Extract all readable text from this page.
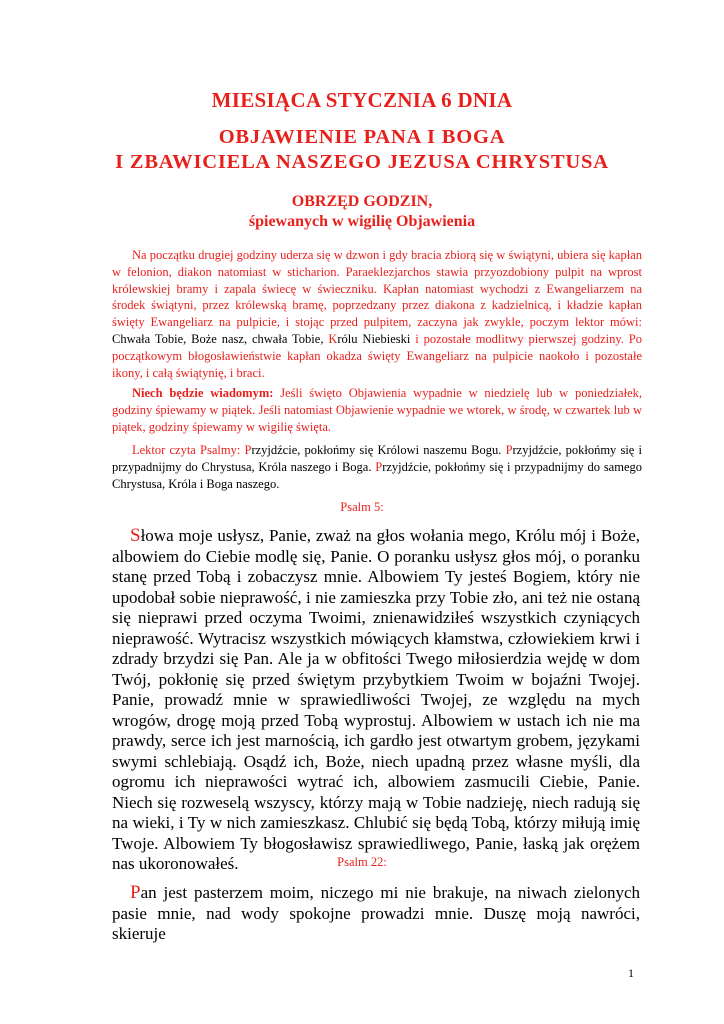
MIESIĄCA STYCZNIA 6 DNIA
OBJAWIENIE PANA I BOGA
I ZBAWICIELA NASZEGO JEZUSA CHRYSTUSA
OBRZĘD GODZIN,
śpiewanych w wigilię Objawienia

Na początku drugiej godziny uderza się w dzwon i gdy bracia zbiorą się w świątyni, ubiera się kapłan w felonion, diakon natomiast w sticharion. Paraeklezjarchos stawia przyozdobiony pulpit na wprost królewskiej bramy i zapala świecę w świeczniku. Kapłan natomiast wychodzi z Ewangeliarzem na środek świątyni, przez królewską bramę, poprzedzany przez diakona z kadzielnicą, i kładzie kapłan święty Ewangeliarz na pulpicie, i stojąc przed pulpitem, zaczyna jak zwykle, poczym lektor mówi: Chwała Tobie, Boże nasz, chwała Tobie, Królu Niebieski i pozostałe modlitwy pierwszej godziny. Po początkowym błogosławieństwie kapłan okadza święty Ewangeliarz na pulpicie naokoło i pozostałe ikony, i całą świątynię, i braci.

Niech będzie wiadomym: Jeśli święto Objawienia wypadnie w niedzielę lub w poniedziałek, godziny śpiewamy w piątek. Jeśli natomiast Objawienie wypadnie we wtorek, w środę, w czwartek lub w piątek, godziny śpiewamy w wigilię święta.

Lektor czyta Psalmy: Przyjdźcie, pokłońmy się Królowi naszemu Bogu. Przyjdźcie, pokłońmy się i przypadnijmy do Chrystusa, Króla naszego i Boga. Przyjdźcie, pokłońmy się i przypadnijmy do samego Chrystusa, Króla i Boga naszego.

Psalm 5:

Słowa moje usłysz, Panie, zważ na głos wołania mego, Królu mój i Boże, albowiem do Ciebie modlę się, Panie. O poranku usłysz głos mój, o poranku stanę przed Tobą i zobaczysz mnie. Albowiem Ty jesteś Bogiem, który nie upodobał sobie nieprawość, i nie zamieszka przy Tobie zło, ani też nie ostaną się nieprawi przed oczyma Twoimi, znienawidziłeś wszystkich czyniących nieprawość. Wytracisz wszystkich mówiących kłamstwa, człowiekiem krwi i zdrady brzydzi się Pan. Ale ja w obfitości Twego miłosierdzia wejdę w dom Twój, pokłonię się przed świętym przybytkiem Twoim w bojaźni Twojej. Panie, prowadź mnie w sprawiedliwości Twojej, ze względu na mych wrogów, drogę moją przed Tobą wyprostuj. Albowiem w ustach ich nie ma prawdy, serce ich jest marnością, ich gardło jest otwartym grobem, językami swymi schlebiają. Osądź ich, Boże, niech upadną przez własne myśli, dla ogromu ich nieprawości wytrać ich, albowiem zasmucili Ciebie, Panie. Niech się rozweselą wszyscy, którzy mają w Tobie nadzieję, niech radują się na wieki, i Ty w nich zamieszkasz. Chlubić się będą Tobą, którzy miłują imię Twoje. Albowiem Ty błogosławisz sprawiedliwego, Panie, łaską jak orężem nas ukoronowałeś.	Psalm 22:

Pan jest pasterzem moim, niczego mi nie brakuje, na niwach zielonych pasie mnie, nad wody spokojne prowadzi mnie. Duszę moją nawróci, skieruje

1
